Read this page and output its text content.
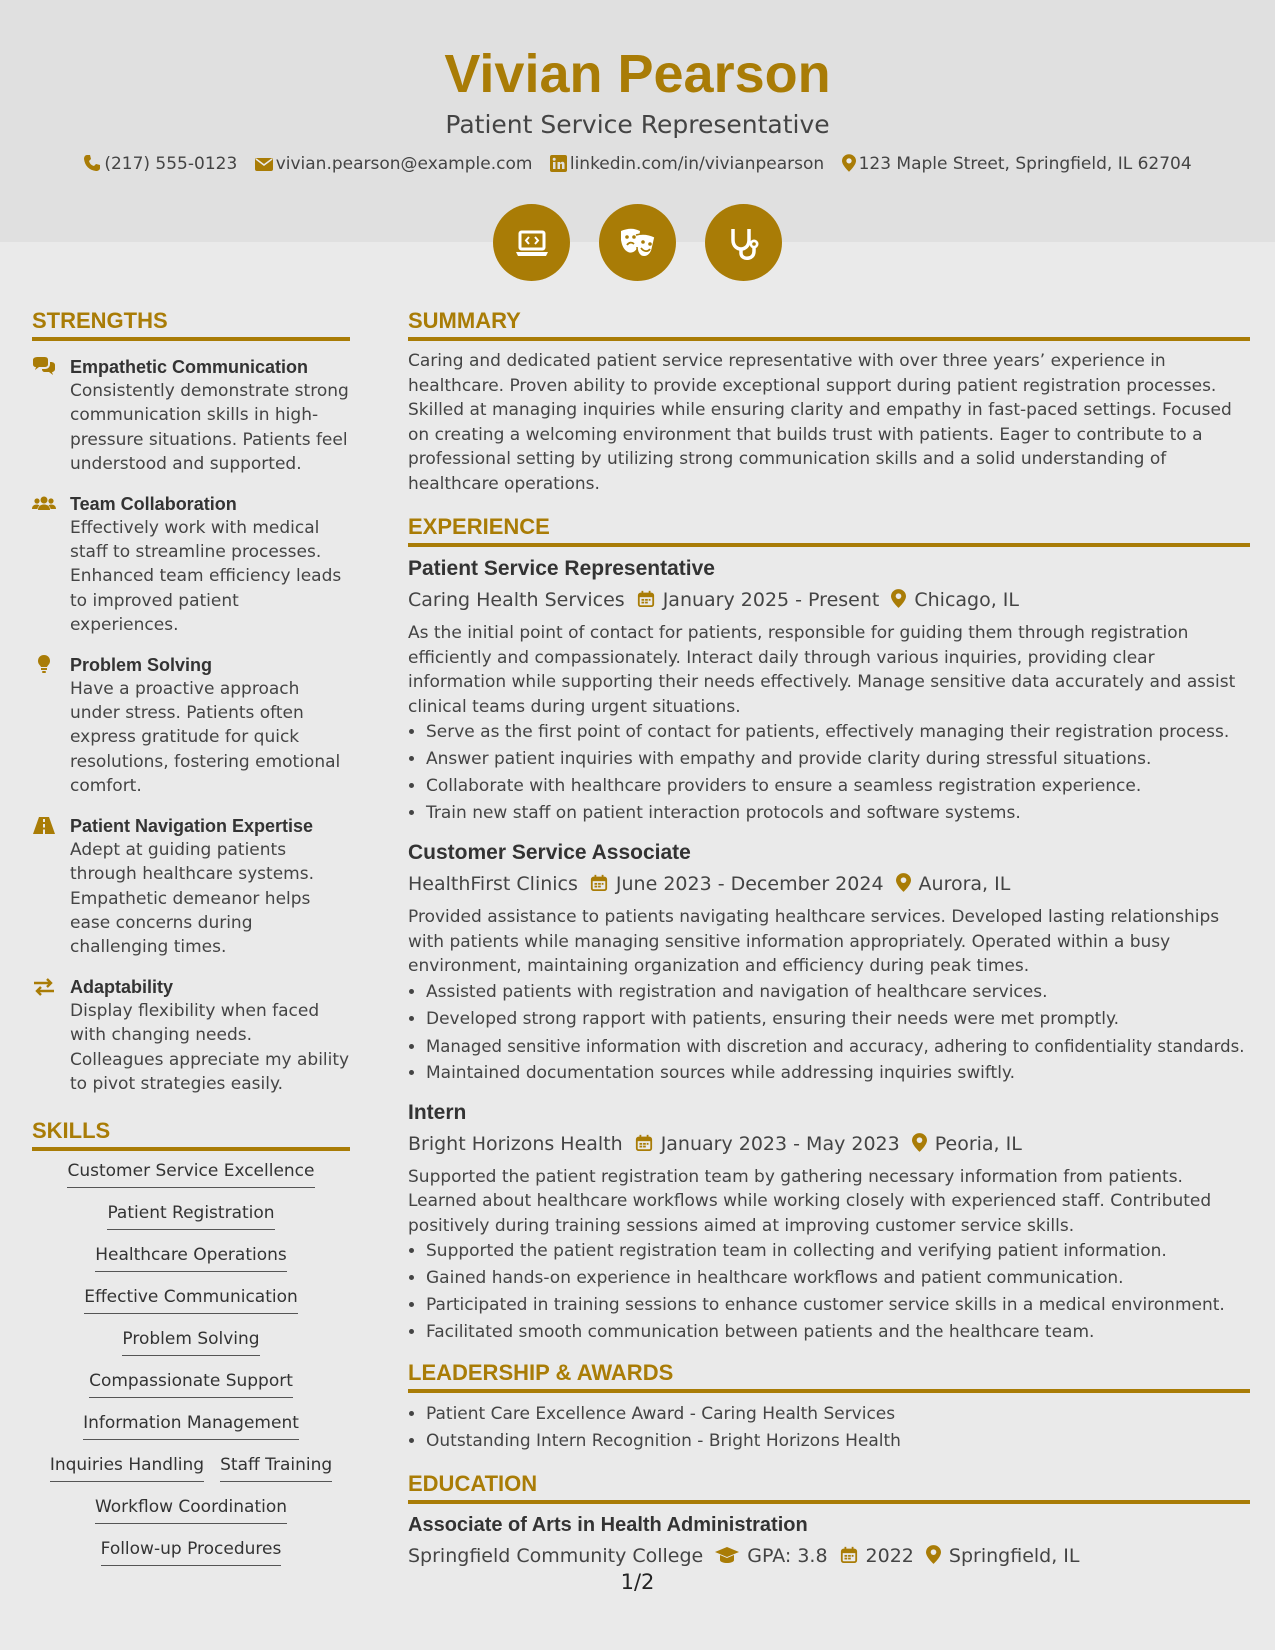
Vivian Pearson
Patient Service Representative
(217) 555-0123 vivian.pearson@example.com linkedin.com/in/vivianpearson 123 Maple Street, Springfield, IL 62704

STRENGTHS
Empathetic Communication
Consistently demonstrate strong communication skills in high-pressure situations. Patients feel understood and supported.
Team Collaboration
Effectively work with medical staff to streamline processes. Enhanced team efficiency leads to improved patient experiences.
Problem Solving
Have a proactive approach under stress. Patients often express gratitude for quick resolutions, fostering emotional comfort.
Patient Navigation Expertise
Adept at guiding patients through healthcare systems. Empathetic demeanor helps ease concerns during challenging times.
Adaptability
Display flexibility when faced with changing needs. Colleagues appreciate my ability to pivot strategies easily.
SKILLS
Customer Service Excellence
Patient Registration
Healthcare Operations
Effective Communication
Problem Solving
Compassionate Support
Information Management
Inquiries Handling Staff Training
Workflow Coordination
Follow-up Procedures
SUMMARY

Caring and dedicated patient service representative with over three years’ experience in healthcare. Proven ability to provide exceptional support during patient registration processes. Skilled at managing inquiries while ensuring clarity and empathy in fast-paced settings. Focused on creating a welcoming environment that builds trust with patients. Eager to contribute to a professional setting by utilizing strong communication skills and a solid understanding of healthcare operations.

EXPERIENCE
Patient Service Representative
Caring Health Services January 2025 - Present Chicago, IL
As the initial point of contact for patients, responsible for guiding them through registration efficiently and compassionately. Interact daily through various inquiries, providing clear information while supporting their needs effectively. Manage sensitive data accurately and assist clinical teams during urgent situations.
• Serve as the first point of contact for patients, effectively managing their registration process.
• Answer patient inquiries with empathy and provide clarity during stressful situations.
• Collaborate with healthcare providers to ensure a seamless registration experience.
• Train new staff on patient interaction protocols and software systems.
Customer Service Associate
HealthFirst Clinics June 2023 - December 2024 Aurora, IL
Provided assistance to patients navigating healthcare services. Developed lasting relationships with patients while managing sensitive information appropriately. Operated within a busy environment, maintaining organization and efficiency during peak times.
• Assisted patients with registration and navigation of healthcare services.
• Developed strong rapport with patients, ensuring their needs were met promptly.
• Managed sensitive information with discretion and accuracy, adhering to confidentiality standards.
• Maintained documentation sources while addressing inquiries swiftly.
Intern
Bright Horizons Health January 2023 - May 2023 Peoria, IL
Supported the patient registration team by gathering necessary information from patients. Learned about healthcare workflows while working closely with experienced staff. Contributed positively during training sessions aimed at improving customer service skills.
• Supported the patient registration team in collecting and verifying patient information.
• Gained hands-on experience in healthcare workflows and patient communication.
• Participated in training sessions to enhance customer service skills in a medical environment.
• Facilitated smooth communication between patients and the healthcare team.
LEADERSHIP & AWARDS
• Patient Care Excellence Award - Caring Health Services
• Outstanding Intern Recognition - Bright Horizons Health
EDUCATION
Associate of Arts in Health Administration
Springfield Community College GPA: 3.8 2022 Springfield, IL
1/2
